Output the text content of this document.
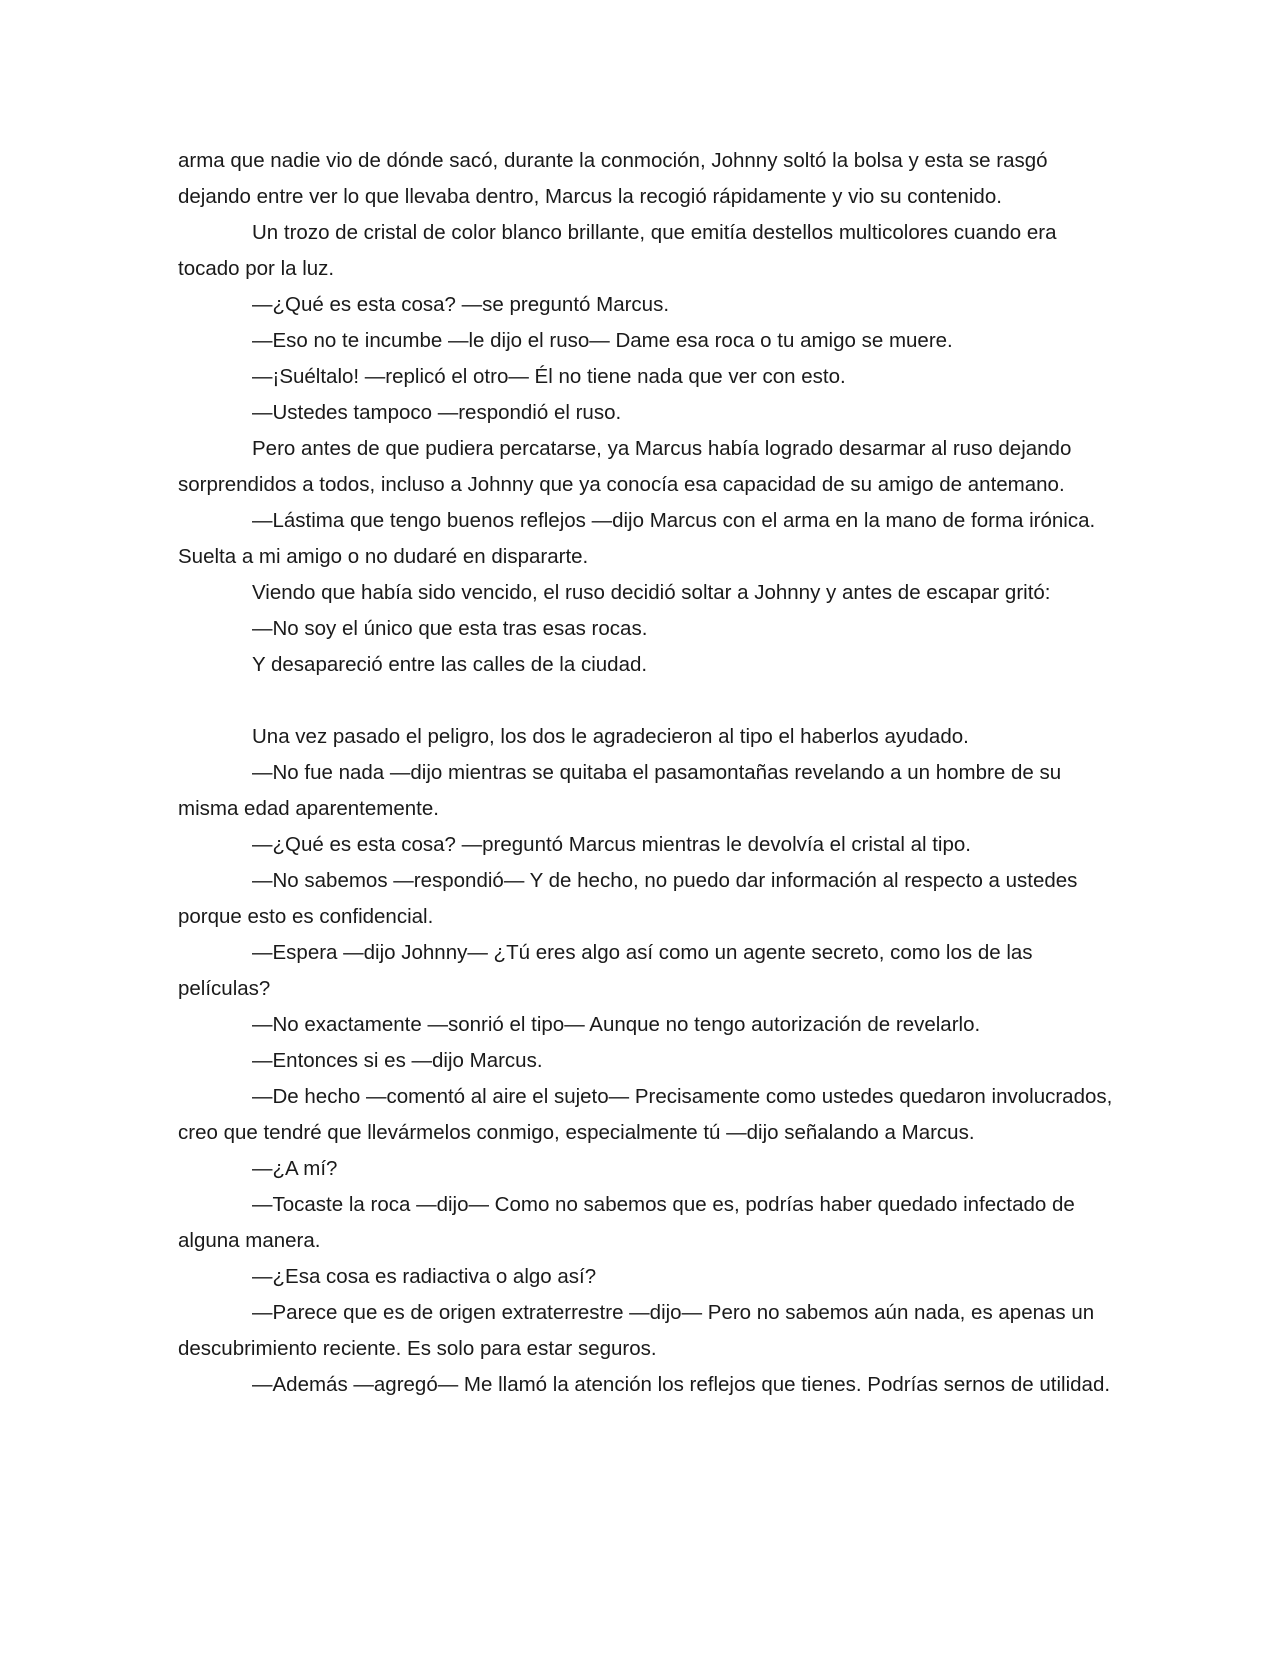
arma que nadie vio de dónde sacó, durante la conmoción, Johnny soltó la bolsa y esta se rasgó dejando entre ver lo que llevaba dentro, Marcus la recogió rápidamente y vio su contenido.

Un trozo de cristal de color blanco brillante, que emitía destellos multicolores cuando era tocado por la luz.

—¿Qué es esta cosa? —se preguntó Marcus.

—Eso no te incumbe —le dijo el ruso— Dame esa roca o tu amigo se muere.

—¡Suéltalo! —replicó el otro— Él no tiene nada que ver con esto.

—Ustedes tampoco —respondió el ruso.

Pero antes de que pudiera percatarse, ya Marcus había logrado desarmar al ruso dejando sorprendidos a todos, incluso a Johnny que ya conocía esa capacidad de su amigo de antemano.

—Lástima que tengo buenos reflejos —dijo Marcus con el arma en la mano de forma irónica. Suelta a mi amigo o no dudaré en dispararte.

Viendo que había sido vencido, el ruso decidió soltar a Johnny y antes de escapar gritó:

—No soy el único que esta tras esas rocas.

Y desapareció entre las calles de la ciudad.

Una vez pasado el peligro, los dos le agradecieron al tipo el haberlos ayudado.

—No fue nada —dijo mientras se quitaba el pasamontañas revelando a un hombre de su misma edad aparentemente.

—¿Qué es esta cosa? —preguntó Marcus mientras le devolvía el cristal al tipo.

—No sabemos —respondió— Y de hecho, no puedo dar información al respecto a ustedes porque esto es confidencial.

—Espera —dijo Johnny— ¿Tú eres algo así como un agente secreto, como los de las películas?

—No exactamente —sonrió el tipo— Aunque no tengo autorización de revelarlo.

—Entonces si es —dijo Marcus.

—De hecho —comentó al aire el sujeto— Precisamente como ustedes quedaron involucrados, creo que tendré que llevármelos conmigo, especialmente tú —dijo señalando a Marcus.

—¿A mí?

—Tocaste la roca —dijo— Como no sabemos que es, podrías haber quedado infectado de alguna manera.

—¿Esa cosa es radiactiva o algo así?

—Parece que es de origen extraterrestre —dijo— Pero no sabemos aún nada, es apenas un descubrimiento reciente. Es solo para estar seguros.

—Además —agregó— Me llamó la atención los reflejos que tienes. Podrías sernos de utilidad.
